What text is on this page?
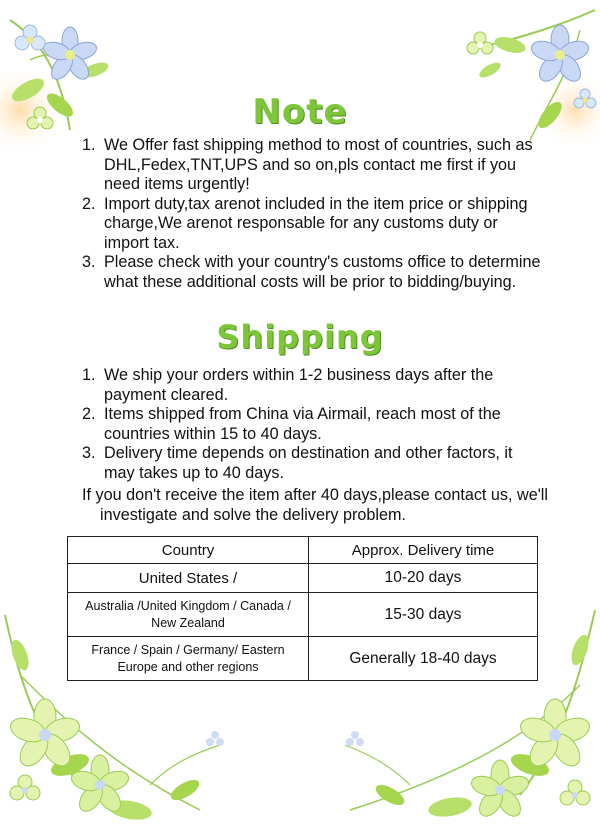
Note
1. We Offer fast shipping method to most of countries, such as DHL,Fedex,TNT,UPS and so on,pls contact me first if you need items urgently!
2. Import duty,tax arenot included in the item price or shipping charge,We arenot responsable for any customs duty or import tax.
3. Please check with your country's customs office to determine what these additional costs will be prior to bidding/buying.
Shipping
1. We ship your orders within 1-2 business days after the payment cleared.
2. Items shipped from China via Airmail, reach most of the countries within 15 to 40 days.
3. Delivery time depends on destination and other factors, it may takes up to 40 days.
If you don't receive the item after 40 days,please contact us, we'll investigate and solve the delivery problem.
Country	Approx. Delivery time
United States /	10-20 days
Australia /United Kingdom / Canada / New Zealand	15-30 days
France / Spain / Germany/ Eastern Europe and other regions	Generally 18-40 days
